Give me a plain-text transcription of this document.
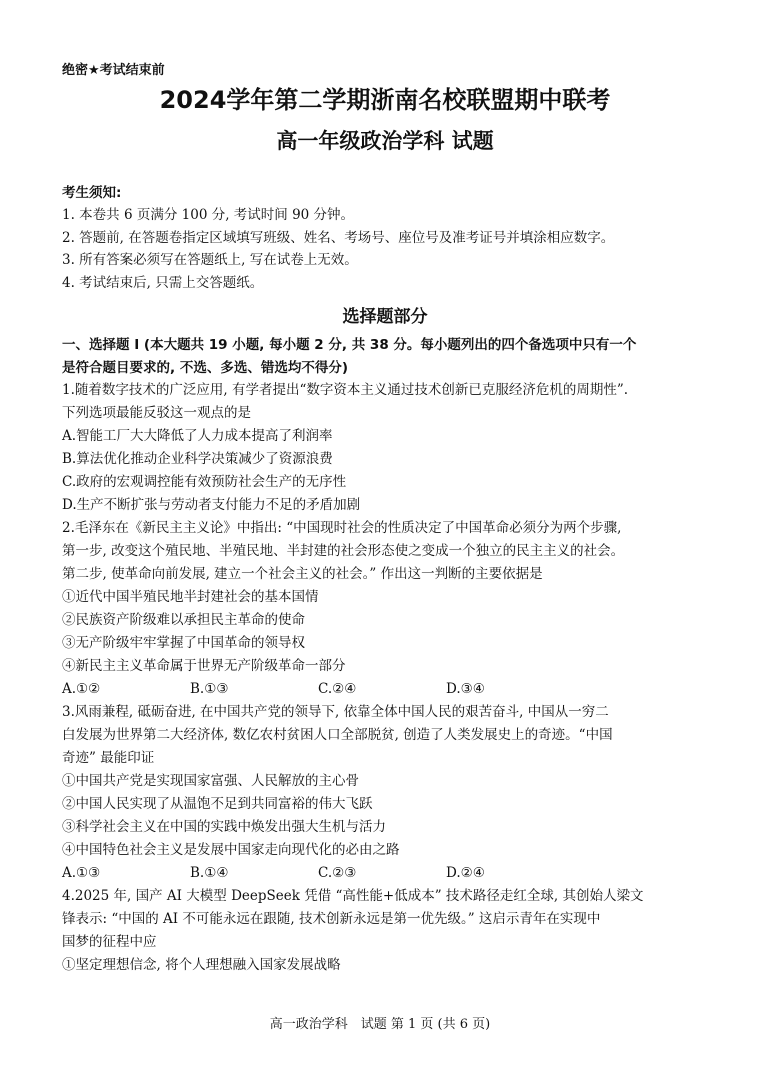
绝密★考试结束前
2024学年第二学期浙南名校联盟期中联考
高一年级政治学科 试题
考生须知:
1. 本卷共 6 页满分 100 分, 考试时间 90 分钟。
2. 答题前, 在答题卷指定区域填写班级、姓名、考场号、座位号及准考证号并填涂相应数字。
3. 所有答案必须写在答题纸上, 写在试卷上无效。
4. 考试结束后, 只需上交答题纸。
选择题部分
一、选择题 I (本大题共 19 小题, 每小题 2 分, 共 38 分。每小题列出的四个备选项中只有一个
是符合题目要求的, 不选、多选、错选均不得分)
1.随着数字技术的广泛应用, 有学者提出“数字资本主义通过技术创新已克服经济危机的周期性”.
下列选项最能反驳这一观点的是
A.智能工厂大大降低了人力成本提高了利润率
B.算法优化推动企业科学决策减少了资源浪费
C.政府的宏观调控能有效预防社会生产的无序性
D.生产不断扩张与劳动者支付能力不足的矛盾加剧
2.毛泽东在《新民主主义论》中指出: “中国现时社会的性质决定了中国革命必须分为两个步骤,
第一步, 改变这个殖民地、半殖民地、半封建的社会形态使之变成一个独立的民主主义的社会。
第二步, 使革命向前发展, 建立一个社会主义的社会。” 作出这一判断的主要依据是
①近代中国半殖民地半封建社会的基本国情
②民族资产阶级难以承担民主革命的使命
③无产阶级牢牢掌握了中国革命的领导权
④新民主主义革命属于世界无产阶级革命一部分
A.①②	B.①③	C.②④	D.③④
3.风雨兼程, 砥砺奋进, 在中国共产党的领导下, 依靠全体中国人民的艰苦奋斗, 中国从一穷二
白发展为世界第二大经济体, 数亿农村贫困人口全部脱贫, 创造了人类发展史上的奇迹。“中国
奇迹” 最能印证
①中国共产党是实现国家富强、人民解放的主心骨
②中国人民实现了从温饱不足到共同富裕的伟大飞跃
③科学社会主义在中国的实践中焕发出强大生机与活力
④中国特色社会主义是发展中国家走向现代化的必由之路
A.①③	B.①④	C.②③	D.②④
4.2025 年, 国产 AI 大模型 DeepSeek 凭借 “高性能+低成本” 技术路径走红全球, 其创始人梁文
锋表示: “中国的 AI 不可能永远在跟随, 技术创新永远是第一优先级。” 这启示青年在实现中
国梦的征程中应
①坚定理想信念, 将个人理想融入国家发展战略
高一政治学科　试题 第 1 页 (共 6 页)
